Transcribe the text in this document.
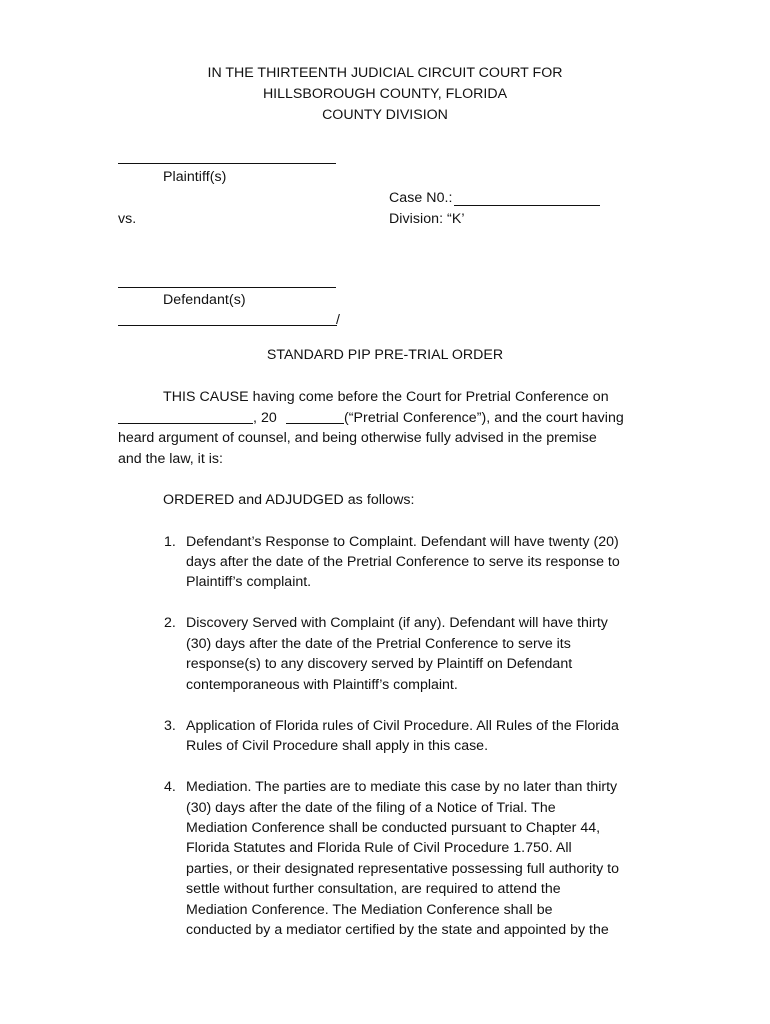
IN THE THIRTEENTH JUDICIAL CIRCUIT COURT FOR
HILLSBOROUGH COUNTY, FLORIDA
COUNTY DIVISION
Plaintiff(s)
Case N0.:
vs.	Division: “K’
Defendant(s)
/
STANDARD PIP PRE-TRIAL ORDER
THIS CAUSE having come before the Court for Pretrial Conference on
, 20	(“Pretrial Conference”), and the court having
heard argument of counsel, and being otherwise fully advised in the premise
and the law, it is:
ORDERED and ADJUDGED as follows:
1. Defendant’s Response to Complaint. Defendant will have twenty (20)
days after the date of the Pretrial Conference to serve its response to
Plaintiff’s complaint.
2. Discovery Served with Complaint (if any). Defendant will have thirty
(30) days after the date of the Pretrial Conference to serve its
response(s) to any discovery served by Plaintiff on Defendant
contemporaneous with Plaintiff’s complaint.
3. Application of Florida rules of Civil Procedure. All Rules of the Florida
Rules of Civil Procedure shall apply in this case.
4. Mediation. The parties are to mediate this case by no later than thirty
(30) days after the date of the filing of a Notice of Trial. The
Mediation Conference shall be conducted pursuant to Chapter 44,
Florida Statutes and Florida Rule of Civil Procedure 1.750. All
parties, or their designated representative possessing full authority to
settle without further consultation, are required to attend the
Mediation Conference. The Mediation Conference shall be
conducted by a mediator certified by the state and appointed by the
